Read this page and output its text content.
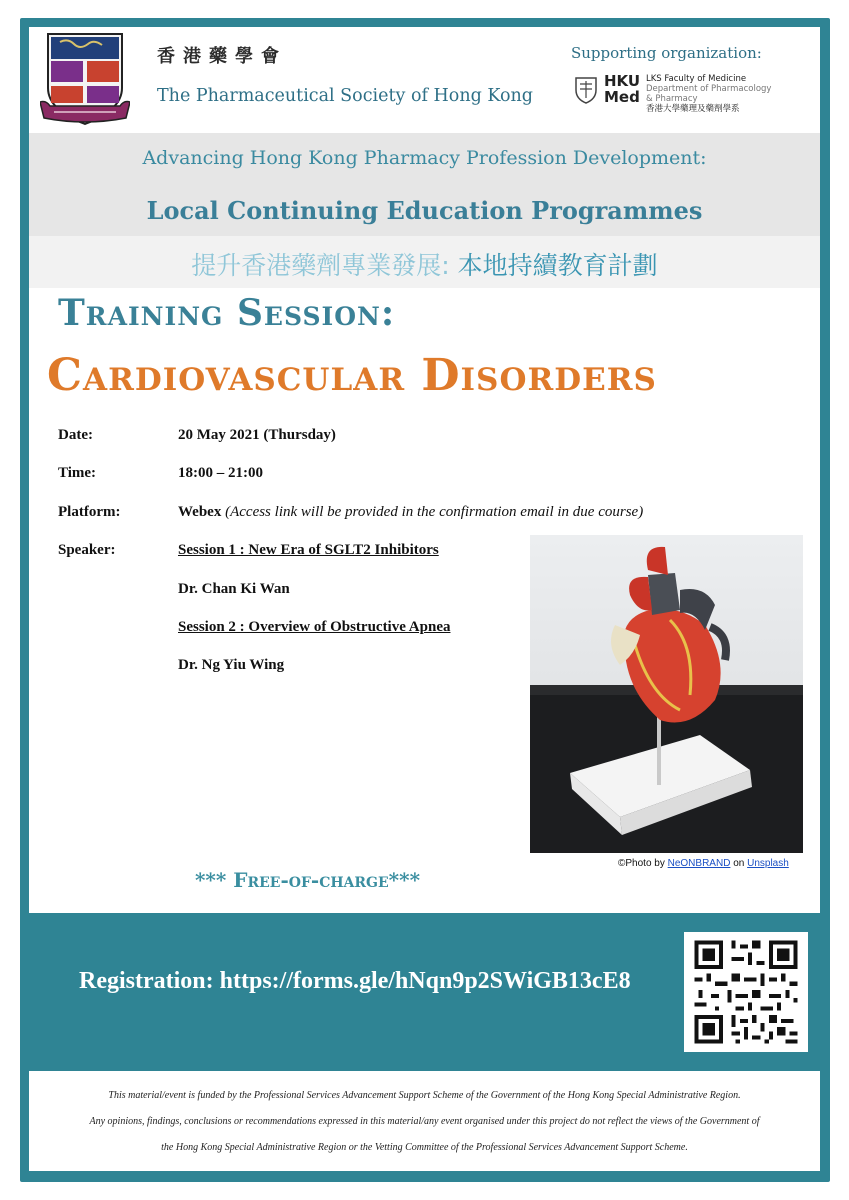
香港藥學會
The Pharmaceutical Society of Hong Kong
Supporting organization:
HKU
Med
LKS Faculty of Medicine
Department of Pharmacology
& Pharmacy
香港大學藥理及藥劑學系
Advancing Hong Kong Pharmacy Profession Development:
Local Continuing Education Programmes
提升香港藥劑專業發展: 本地持續教育計劃
Training Session:
Cardiovascular Disorders
Date:	20 May 2021 (Thursday)
Time:	18:00 – 21:00
Platform:	Webex (Access link will be provided in the confirmation email in due course)
Speaker:	Session 1 : New Era of SGLT2 Inhibitors
Dr. Chan Ki Wan
Session 2 : Overview of Obstructive Apnea
Dr. Ng Yiu Wing
©Photo by NeONBRAND on Unsplash
*** Free-of-charge***
Registration: https://forms.gle/hNqn9p2SWiGB13cE8
This material/event is funded by the Professional Services Advancement Support Scheme of the Government of the Hong Kong Special Administrative Region.
Any opinions, findings, conclusions or recommendations expressed in this material/any event organised under this project do not reflect the views of the Government of
the Hong Kong Special Administrative Region or the Vetting Committee of the Professional Services Advancement Support Scheme.
